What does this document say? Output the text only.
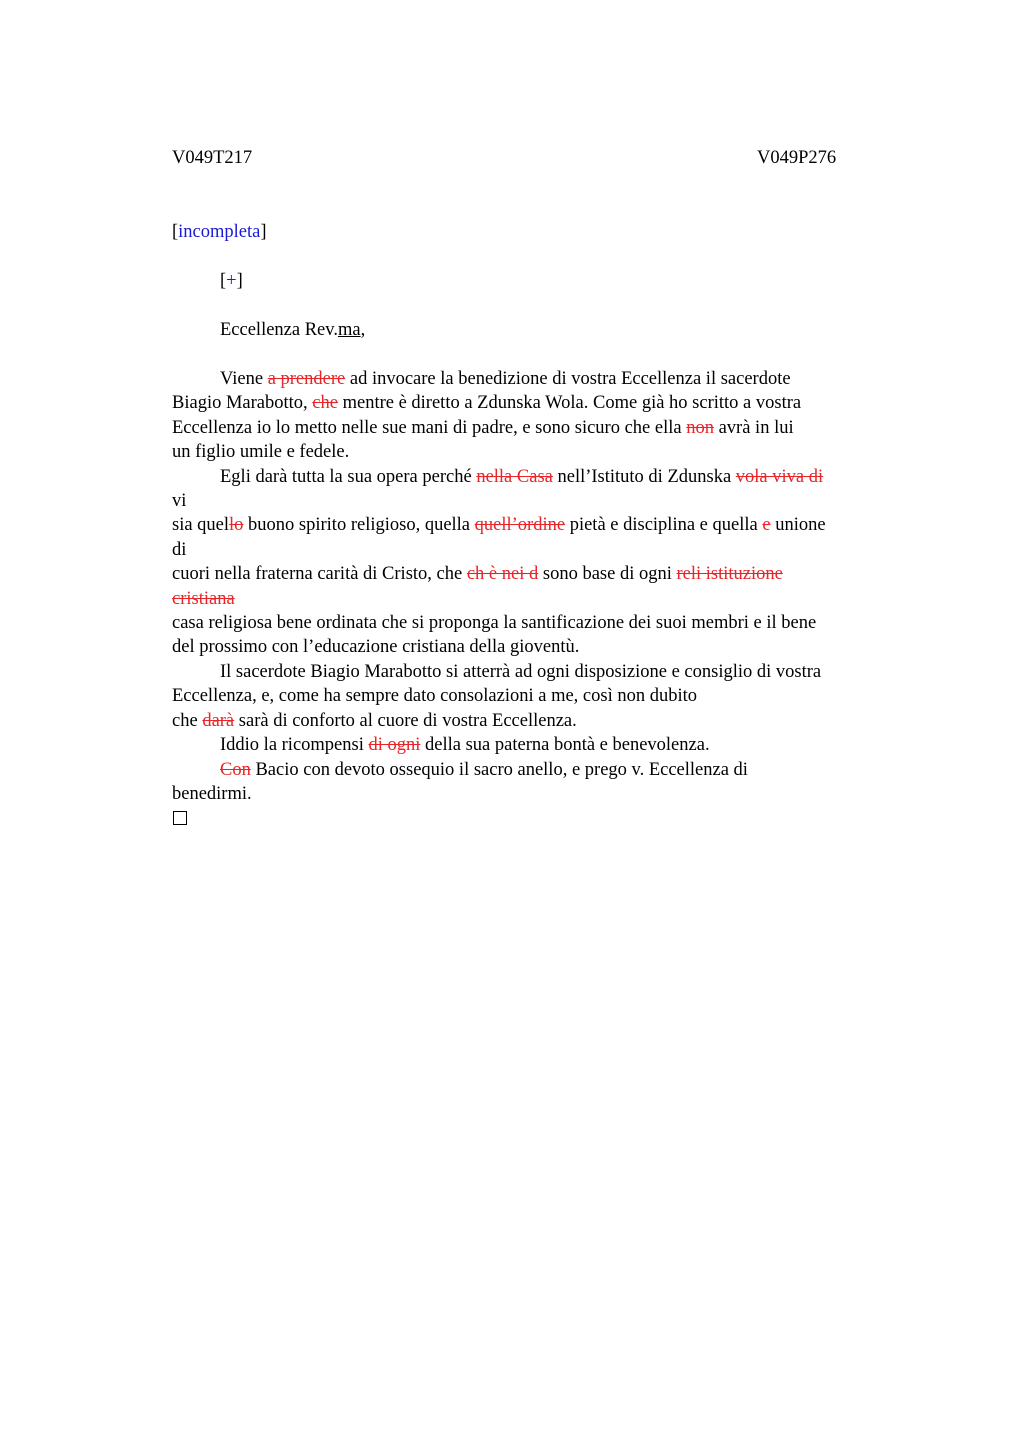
V049T217	V049P276
[incompleta]
[+]
Eccellenza Rev.ma,
Viene a prendere ad invocare la benedizione di vostra Eccellenza il sacerdote
Biagio Marabotto, che mentre è diretto a Zdunska Wola. Come già ho scritto a vostra
Eccellenza io lo metto nelle sue mani di padre, e sono sicuro che ella non avrà in lui
un figlio umile e fedele.
Egli darà tutta la sua opera perché nella Casa nell’Istituto di Zdunska vola viva di
vi
sia quello buono spirito religioso, quella quell’ordine pietà e disciplina e quella e unione
di
cuori nella fraterna carità di Cristo, che ch è nei d sono base di ogni reli istituzione
cristiana
casa religiosa bene ordinata che si proponga la santificazione dei suoi membri e il bene
del prossimo con l’educazione cristiana della gioventù.
Il sacerdote Biagio Marabotto si atterrà ad ogni disposizione e consiglio di vostra
Eccellenza, e, come ha sempre dato consolazioni a me, così non dubito
che darà sarà di conforto al cuore di vostra Eccellenza.
Iddio la ricompensi di ogni della sua paterna bontà e benevolenza.
Con Bacio con devoto ossequio il sacro anello, e prego v. Eccellenza di
benedirmi.
